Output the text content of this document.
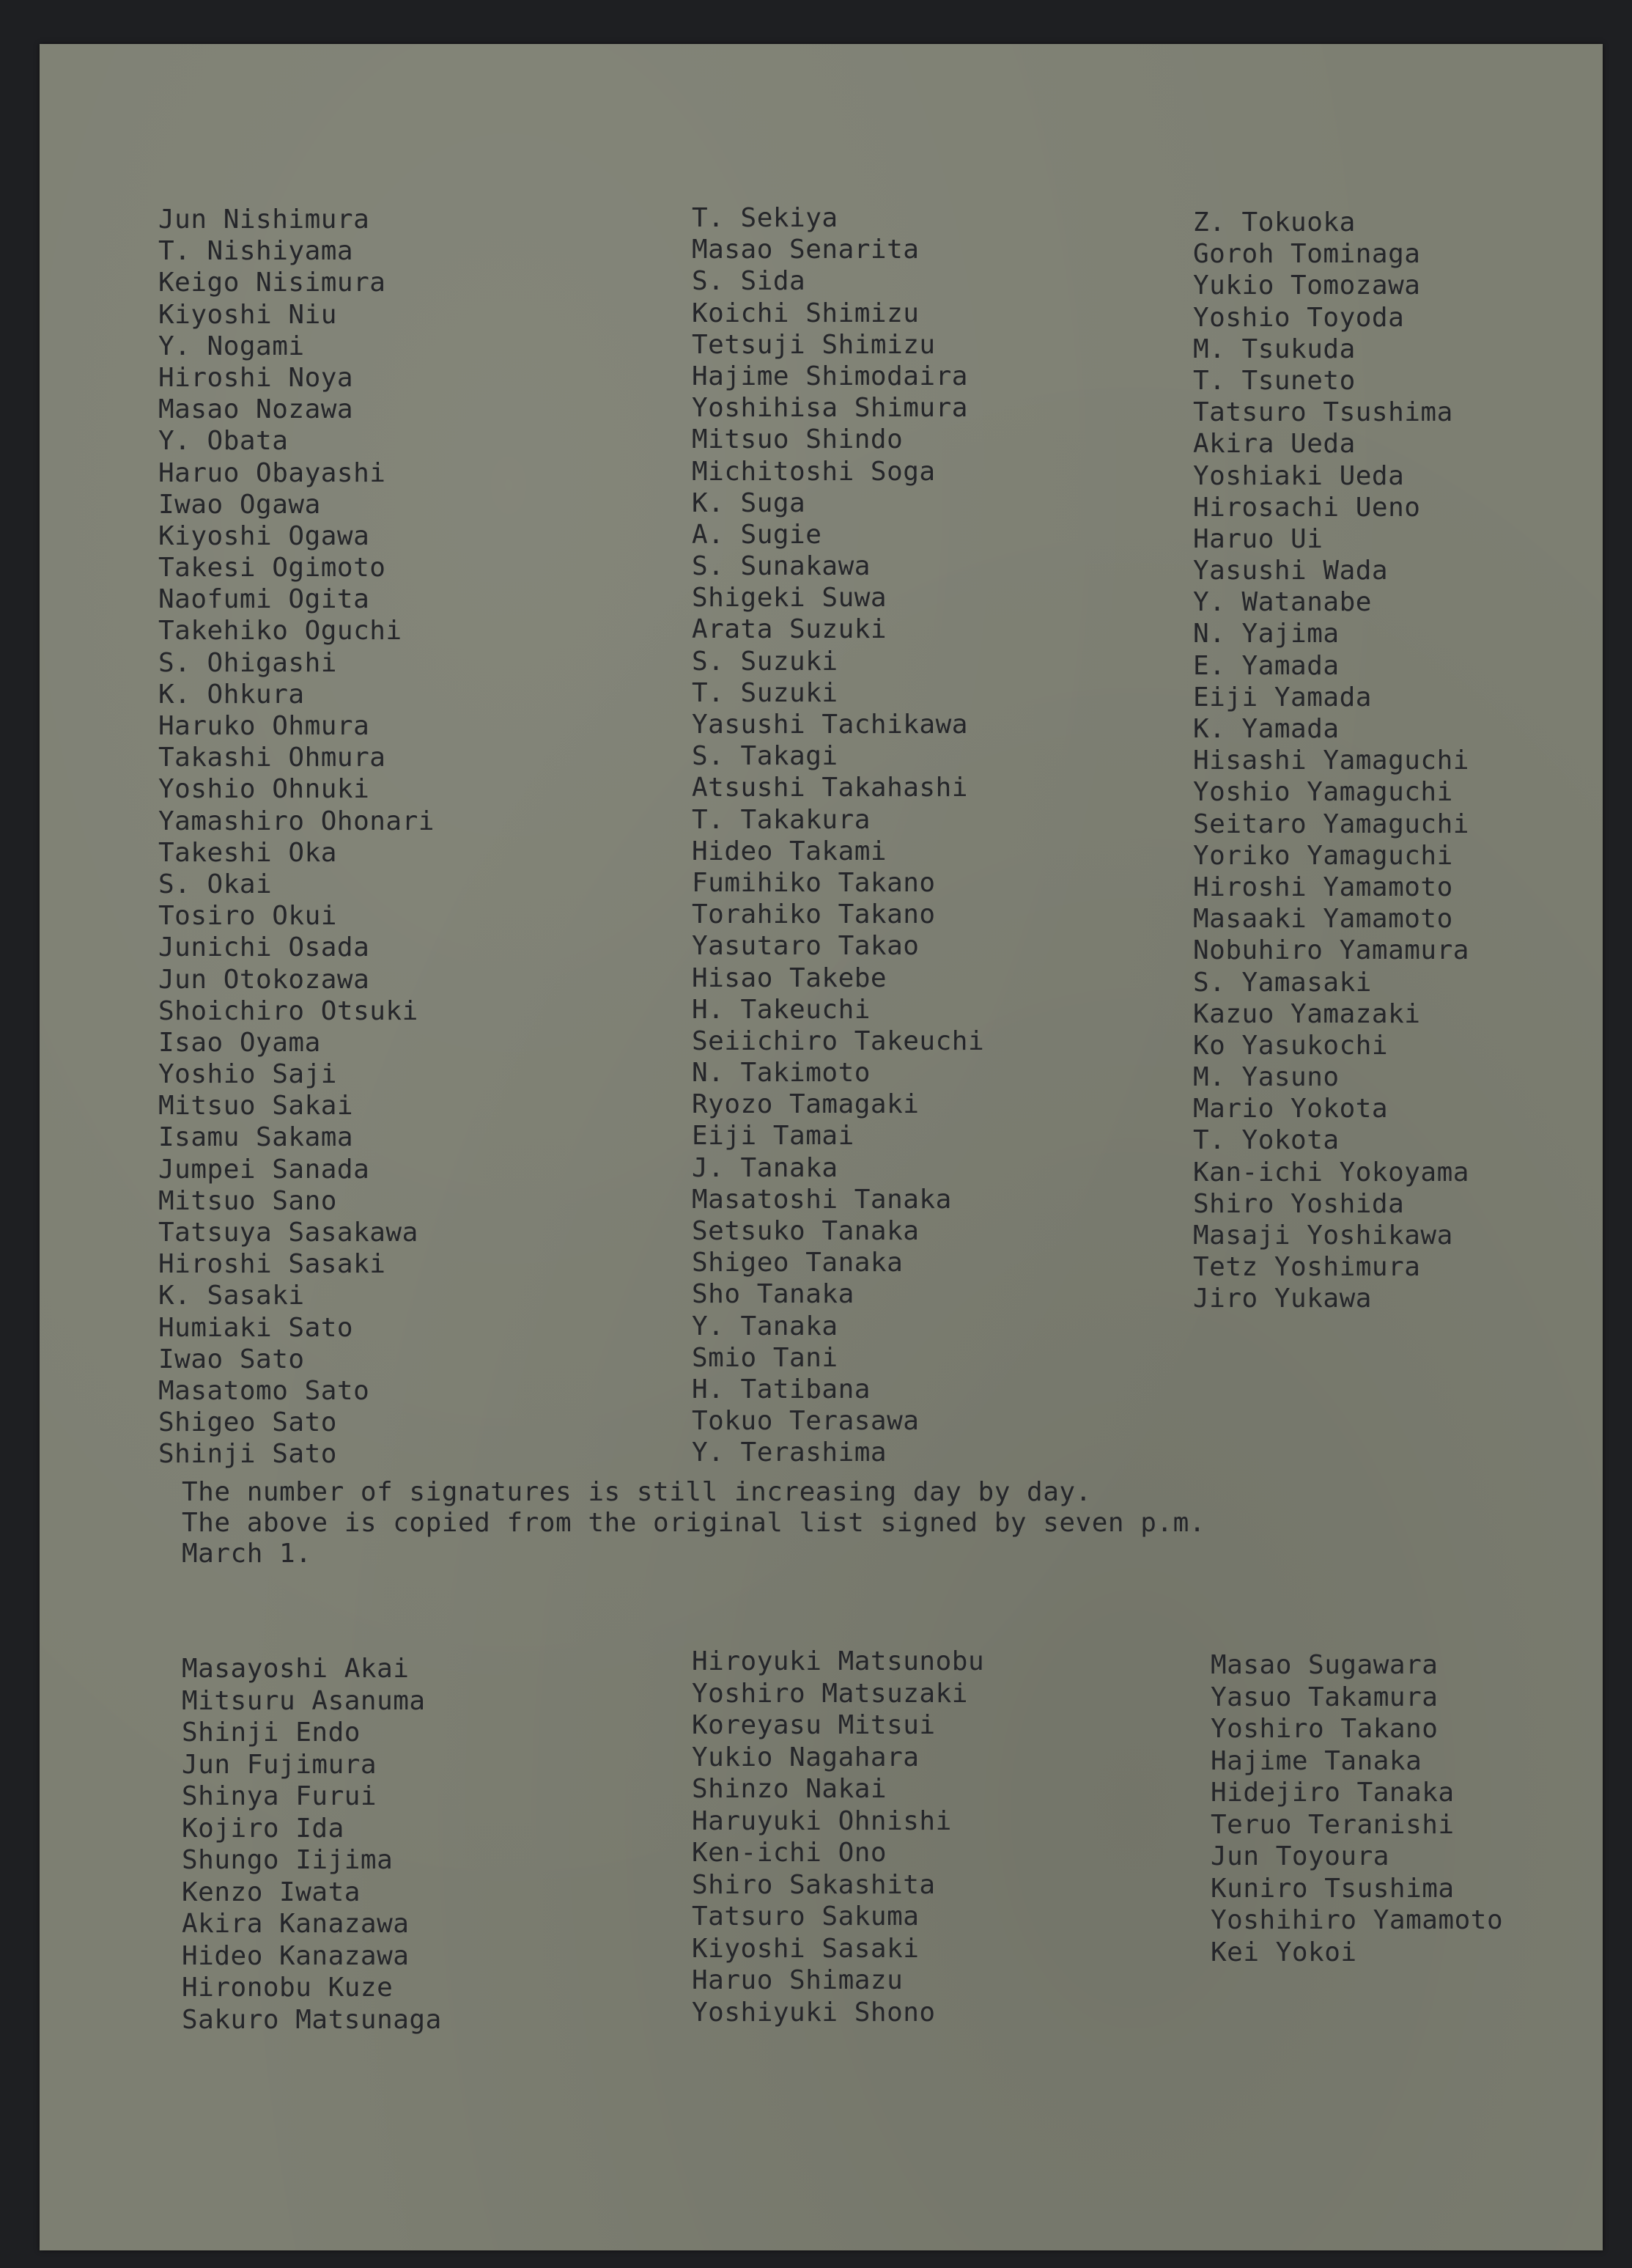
Jun Nishimura
T. Nishiyama
Keigo Nisimura
Kiyoshi Niu
Y. Nogami
Hiroshi Noya
Masao Nozawa
Y. Obata
Haruo Obayashi
Iwao Ogawa
Kiyoshi Ogawa
Takesi Ogimoto
Naofumi Ogita
Takehiko Oguchi
S. Ohigashi
K. Ohkura
Haruko Ohmura
Takashi Ohmura
Yoshio Ohnuki
Yamashiro Ohonari
Takeshi Oka
S. Okai
Tosiro Okui
Junichi Osada
Jun Otokozawa
Shoichiro Otsuki
Isao Oyama
Yoshio Saji
Mitsuo Sakai
Isamu Sakama
Jumpei Sanada
Mitsuo Sano
Tatsuya Sasakawa
Hiroshi Sasaki
K. Sasaki
Humiaki Sato
Iwao Sato
Masatomo Sato
Shigeo Sato
Shinji Sato
T. Sekiya
Masao Senarita
S. Sida
Koichi Shimizu
Tetsuji Shimizu
Hajime Shimodaira
Yoshihisa Shimura
Mitsuo Shindo
Michitoshi Soga
K. Suga
A. Sugie
S. Sunakawa
Shigeki Suwa
Arata Suzuki
S. Suzuki
T. Suzuki
Yasushi Tachikawa
S. Takagi
Atsushi Takahashi
T. Takakura
Hideo Takami
Fumihiko Takano
Torahiko Takano
Yasutaro Takao
Hisao Takebe
H. Takeuchi
Seiichiro Takeuchi
N. Takimoto
Ryozo Tamagaki
Eiji Tamai
J. Tanaka
Masatoshi Tanaka
Setsuko Tanaka
Shigeo Tanaka
Sho Tanaka
Y. Tanaka
Smio Tani
H. Tatibana
Tokuo Terasawa
Y. Terashima
Z. Tokuoka
Goroh Tominaga
Yukio Tomozawa
Yoshio Toyoda
M. Tsukuda
T. Tsuneto
Tatsuro Tsushima
Akira Ueda
Yoshiaki Ueda
Hirosachi Ueno
Haruo Ui
Yasushi Wada
Y. Watanabe
N. Yajima
E. Yamada
Eiji Yamada
K. Yamada
Hisashi Yamaguchi
Yoshio Yamaguchi
Seitaro Yamaguchi
Yoriko Yamaguchi
Hiroshi Yamamoto
Masaaki Yamamoto
Nobuhiro Yamamura
S. Yamasaki
Kazuo Yamazaki
Ko Yasukochi
M. Yasuno
Mario Yokota
T. Yokota
Kan-ichi Yokoyama
Shiro Yoshida
Masaji Yoshikawa
Tetz Yoshimura
Jiro Yukawa

The number of signatures is still increasing day by day.

The above is copied from the original list signed by seven p.m.

March 1.

Masayoshi Akai
Mitsuru Asanuma
Shinji Endo
Jun Fujimura
Shinya Furui
Kojiro Ida
Shungo Iijima
Kenzo Iwata
Akira Kanazawa
Hideo Kanazawa
Hironobu Kuze
Sakuro Matsunaga
Hiroyuki Matsunobu
Yoshiro Matsuzaki
Koreyasu Mitsui
Yukio Nagahara
Shinzo Nakai
Haruyuki Ohnishi
Ken-ichi Ono
Shiro Sakashita
Tatsuro Sakuma
Kiyoshi Sasaki
Haruo Shimazu
Yoshiyuki Shono
Masao Sugawara
Yasuo Takamura
Yoshiro Takano
Hajime Tanaka
Hidejiro Tanaka
Teruo Teranishi
Jun Toyoura
Kuniro Tsushima
Yoshihiro Yamamoto
Kei Yokoi
